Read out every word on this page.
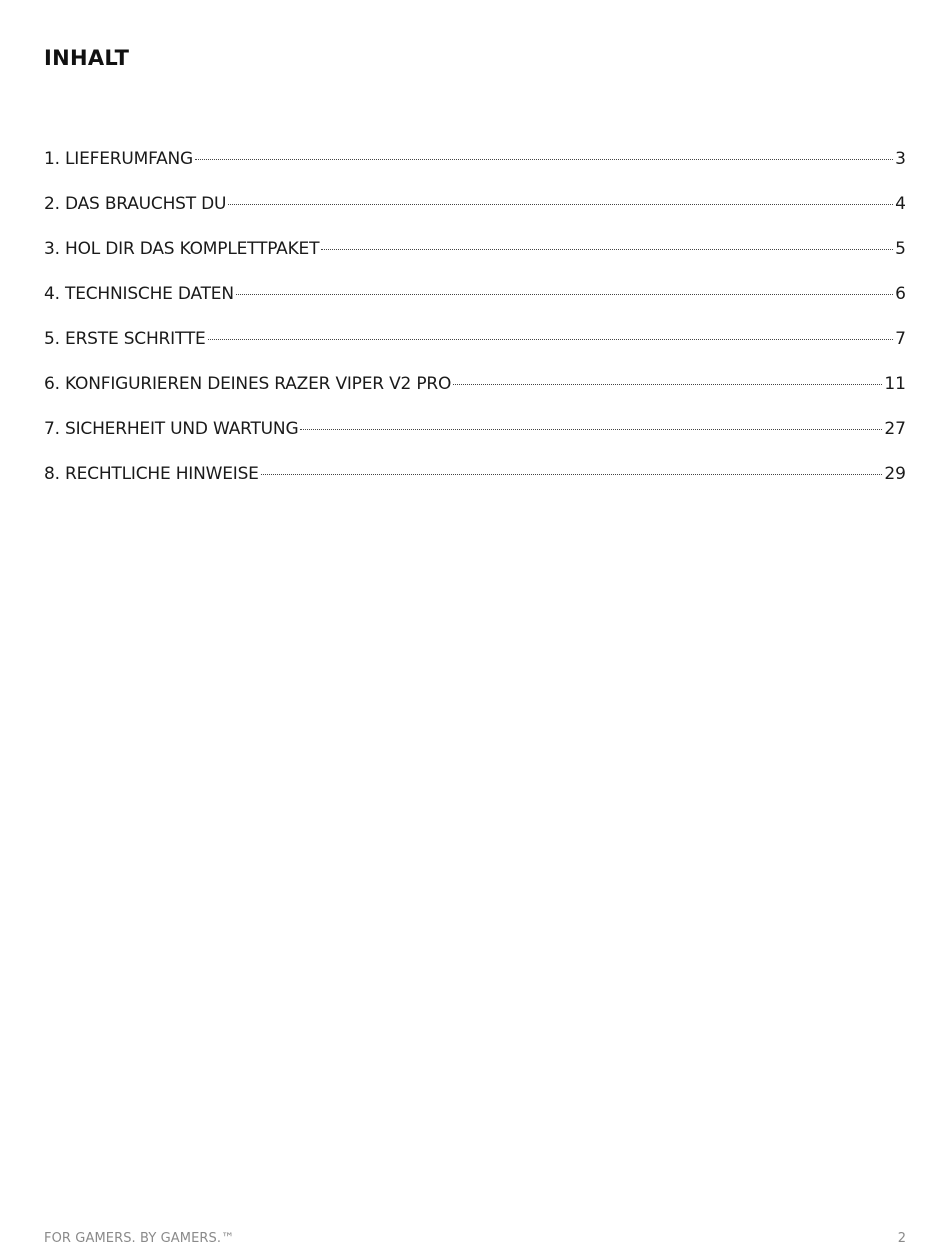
INHALT
1. LIEFERUMFANG	3
2. DAS BRAUCHST DU	4
3. HOL DIR DAS KOMPLETTPAKET	5
4. TECHNISCHE DATEN	6
5. ERSTE SCHRITTE	7
6. KONFIGURIEREN DEINES RAZER VIPER V2 PRO	11
7. SICHERHEIT UND WARTUNG	27
8. RECHTLICHE HINWEISE	29
FOR GAMERS. BY GAMERS.™	2
